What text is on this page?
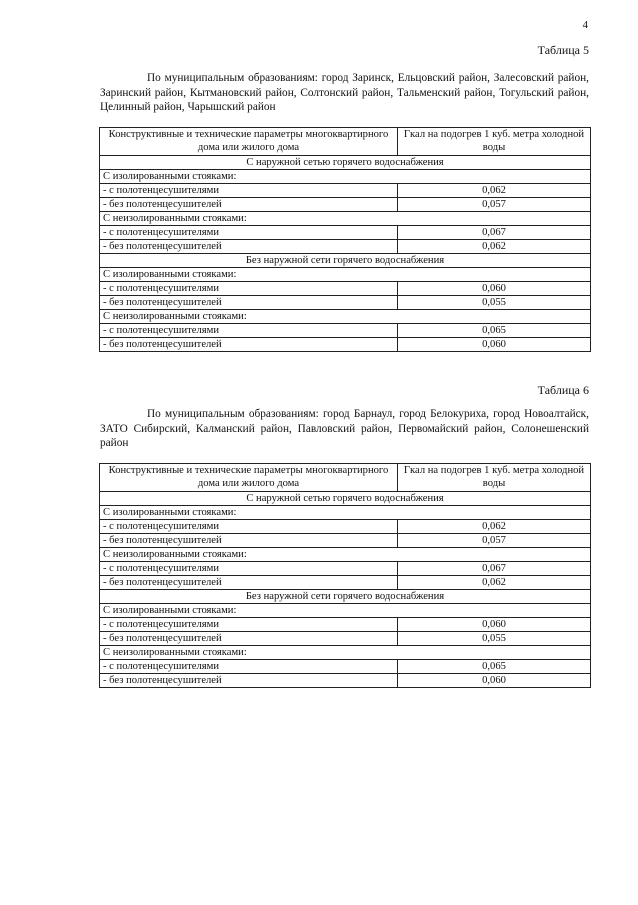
4
Таблица 5
По муниципальным образованиям: город Заринск, Ельцовский район, Залесовский район, Заринский район, Кытмановский район, Солтонский район, Тальменский район, Тогульский район, Целинный район, Чарышский район
Конструктивные и технические параметры многоквартирного дома или жилого дома	Гкал на подогрев 1 куб. метра холодной воды
С наружной сетью горячего водоснабжения	
С изолированными стояками:	
- с полотенцесушителями	0,062
- без полотенцесушителей	0,057
С неизолированными стояками:	
- с полотенцесушителями	0,067
- без полотенцесушителей	0,062
Без наружной сети горячего водоснабжения	
С изолированными стояками:	
- с полотенцесушителями	0,060
- без полотенцесушителей	0,055
С неизолированными стояками:	
- с полотенцесушителями	0,065
- без полотенцесушителей	0,060
Таблица 6
По муниципальным образованиям: город Барнаул, город Белокуриха, город Новоалтайск, ЗАТО Сибирский, Калманский район, Павловский район, Первомайский район, Солонешенский район
Конструктивные и технические параметры многоквартирного дома или жилого дома	Гкал на подогрев 1 куб. метра холодной воды
С наружной сетью горячего водоснабжения	
С изолированными стояками:	
- с полотенцесушителями	0,062
- без полотенцесушителей	0,057
С неизолированными стояками:	
- с полотенцесушителями	0,067
- без полотенцесушителей	0,062
Без наружной сети горячего водоснабжения	
С изолированными стояками:	
- с полотенцесушителями	0,060
- без полотенцесушителей	0,055
С неизолированными стояками:	
- с полотенцесушителями	0,065
- без полотенцесушителей	0,060
